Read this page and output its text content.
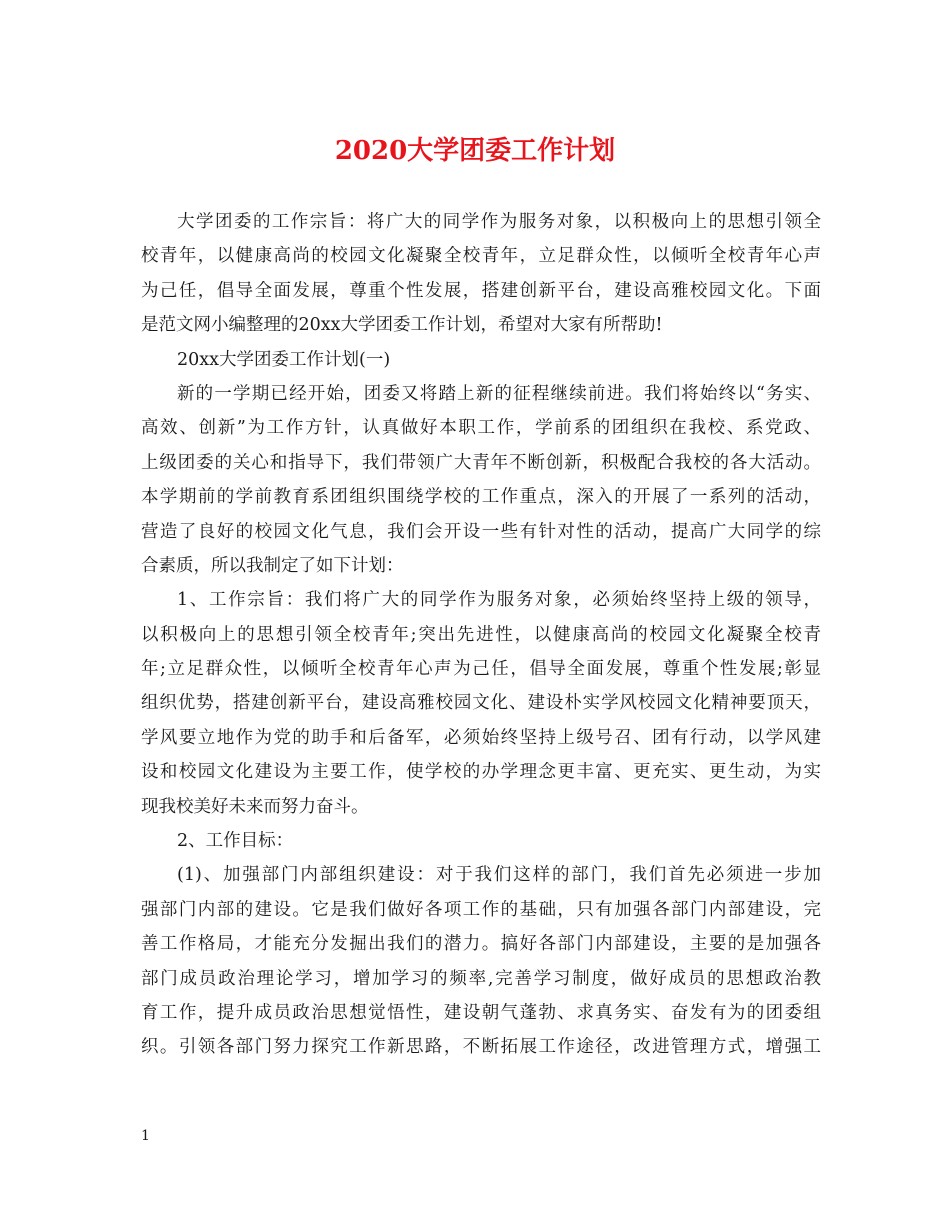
2020大学团委工作计划
大学团委的工作宗旨：将广大的同学作为服务对象，以积极向上的思想引领全
校青年，以健康高尚的校园文化凝聚全校青年，立足群众性，以倾听全校青年心声
为己任，倡导全面发展，尊重个性发展，搭建创新平台，建设高雅校园文化。下面
是范文网小编整理的20xx大学团委工作计划，希望对大家有所帮助!
20xx大学团委工作计划(一)
新的一学期已经开始，团委又将踏上新的征程继续前进。我们将始终以“务实、
高效、创新”为工作方针，认真做好本职工作，学前系的团组织在我校、系党政、
上级团委的关心和指导下，我们带领广大青年不断创新，积极配合我校的各大活动。
本学期前的学前教育系团组织围绕学校的工作重点，深入的开展了一系列的活动，
营造了良好的校园文化气息，我们会开设一些有针对性的活动，提高广大同学的综
合素质，所以我制定了如下计划：
1、工作宗旨：我们将广大的同学作为服务对象，必须始终坚持上级的领导，
以积极向上的思想引领全校青年;突出先进性，以健康高尚的校园文化凝聚全校青
年;立足群众性，以倾听全校青年心声为己任，倡导全面发展，尊重个性发展;彰显
组织优势，搭建创新平台，建设高雅校园文化、建设朴实学风校园文化精神要顶天，
学风要立地作为党的助手和后备军，必须始终坚持上级号召、团有行动，以学风建
设和校园文化建设为主要工作，使学校的办学理念更丰富、更充实、更生动，为实
现我校美好未来而努力奋斗。
2、工作目标：
(1)、加强部门内部组织建设：对于我们这样的部门，我们首先必须进一步加
强部门内部的建设。它是我们做好各项工作的基础，只有加强各部门内部建设，完
善工作格局，才能充分发掘出我们的潜力。搞好各部门内部建设，主要的是加强各
部门成员政治理论学习，增加学习的频率,完善学习制度，做好成员的思想政治教
育工作，提升成员政治思想觉悟性，建设朝气蓬勃、求真务实、奋发有为的团委组
织。引领各部门努力探究工作新思路，不断拓展工作途径，改进管理方式，增强工
1
